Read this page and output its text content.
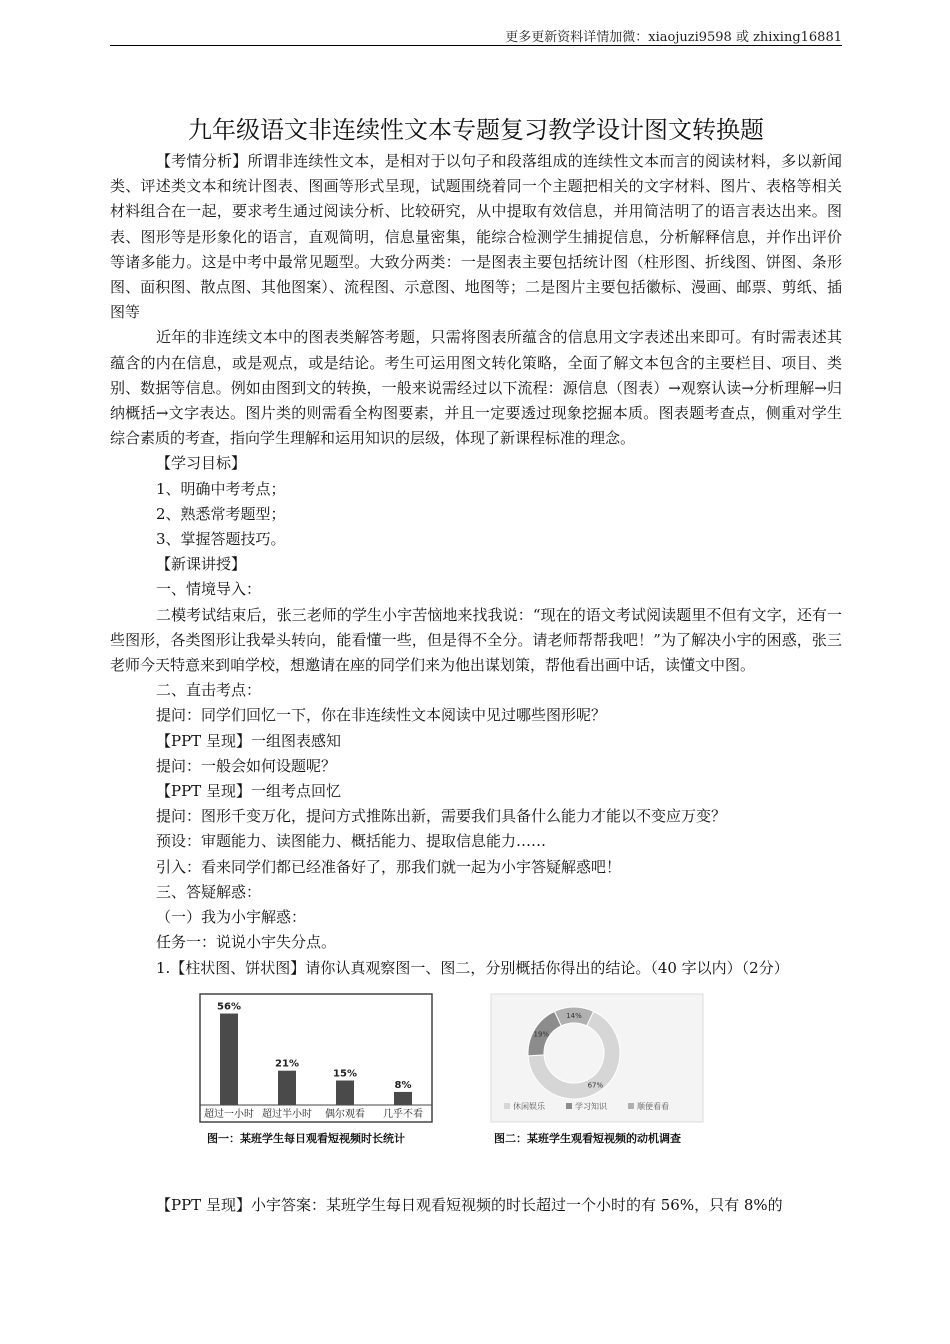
更多更新资料详情加微：xiaojuzi9598 或 zhixing16881
九年级语文非连续性文本专题复习教学设计图文转换题

【考情分析】所谓非连续性文本，是相对于以句子和段落组成的连续性文本而言的阅读材料，多以新闻类、评述类文本和统计图表、图画等形式呈现，试题围绕着同一个主题把相关的文字材料、图片、表格等相关材料组合在一起，要求考生通过阅读分析、比较研究，从中提取有效信息，并用简洁明了的语言表达出来。图表、图形等是形象化的语言，直观简明，信息量密集，能综合检测学生捕捉信息，分析解释信息，并作出评价等诸多能力。这是中考中最常见题型。大致分两类：一是图表主要包括统计图（柱形图、折线图、饼图、条形图、面积图、散点图、其他图案）、流程图、示意图、地图等；二是图片主要包括徽标、漫画、邮票、剪纸、插图等

近年的非连续文本中的图表类解答考题，只需将图表所蕴含的信息用文字表述出来即可。有时需表述其蕴含的内在信息，或是观点，或是结论。考生可运用图文转化策略，全面了解文本包含的主要栏目、项目、类别、数据等信息。例如由图到文的转换，一般来说需经过以下流程：源信息（图表）→观察认读→分析理解→归纳概括→文字表达。图片类的则需看全构图要素，并且一定要透过现象挖掘本质。图表题考查点，侧重对学生综合素质的考查，指向学生理解和运用知识的层级，体现了新课程标准的理念。

【学习目标】

1、明确中考考点；

2、熟悉常考题型；

3、掌握答题技巧。

【新课讲授】

一、情境导入：

二模考试结束后，张三老师的学生小宇苦恼地来找我说：“现在的语文考试阅读题里不但有文字，还有一些图形，各类图形让我晕头转向，能看懂一些，但是得不全分。请老师帮帮我吧！”为了解决小宇的困惑，张三老师今天特意来到咱学校，想邀请在座的同学们来为他出谋划策，帮他看出画中话，读懂文中图。

二、直击考点：

提问：同学们回忆一下，你在非连续性文本阅读中见过哪些图形呢？

【PPT 呈现】一组图表感知

提问：一般会如何设题呢？

【PPT 呈现】一组考点回忆

提问：图形千变万化，提问方式推陈出新，需要我们具备什么能力才能以不变应万变？

预设：审题能力、读图能力、概括能力、提取信息能力……

引入：看来同学们都已经准备好了，那我们就一起为小宇答疑解惑吧！

三、答疑解惑：

（一）我为小宇解惑：

任务一：说说小宇失分点。

1.【柱状图、饼状图】请你认真观察图一、图二，分别概括你得出的结论。（40 字以内）（2分）

56%
超过一小时
21%
超过半小时
15%
偶尔观看
8%
几乎不看
图一：某班学生每日观看短视频时长统计
14%
67%
19%
休闲娱乐	学习知识	顺便看看
图二：某班学生观看短视频的动机调查

【PPT 呈现】小宇答案：某班学生每日观看短视频的时长超过一个小时的有 56%，只有 8%的
